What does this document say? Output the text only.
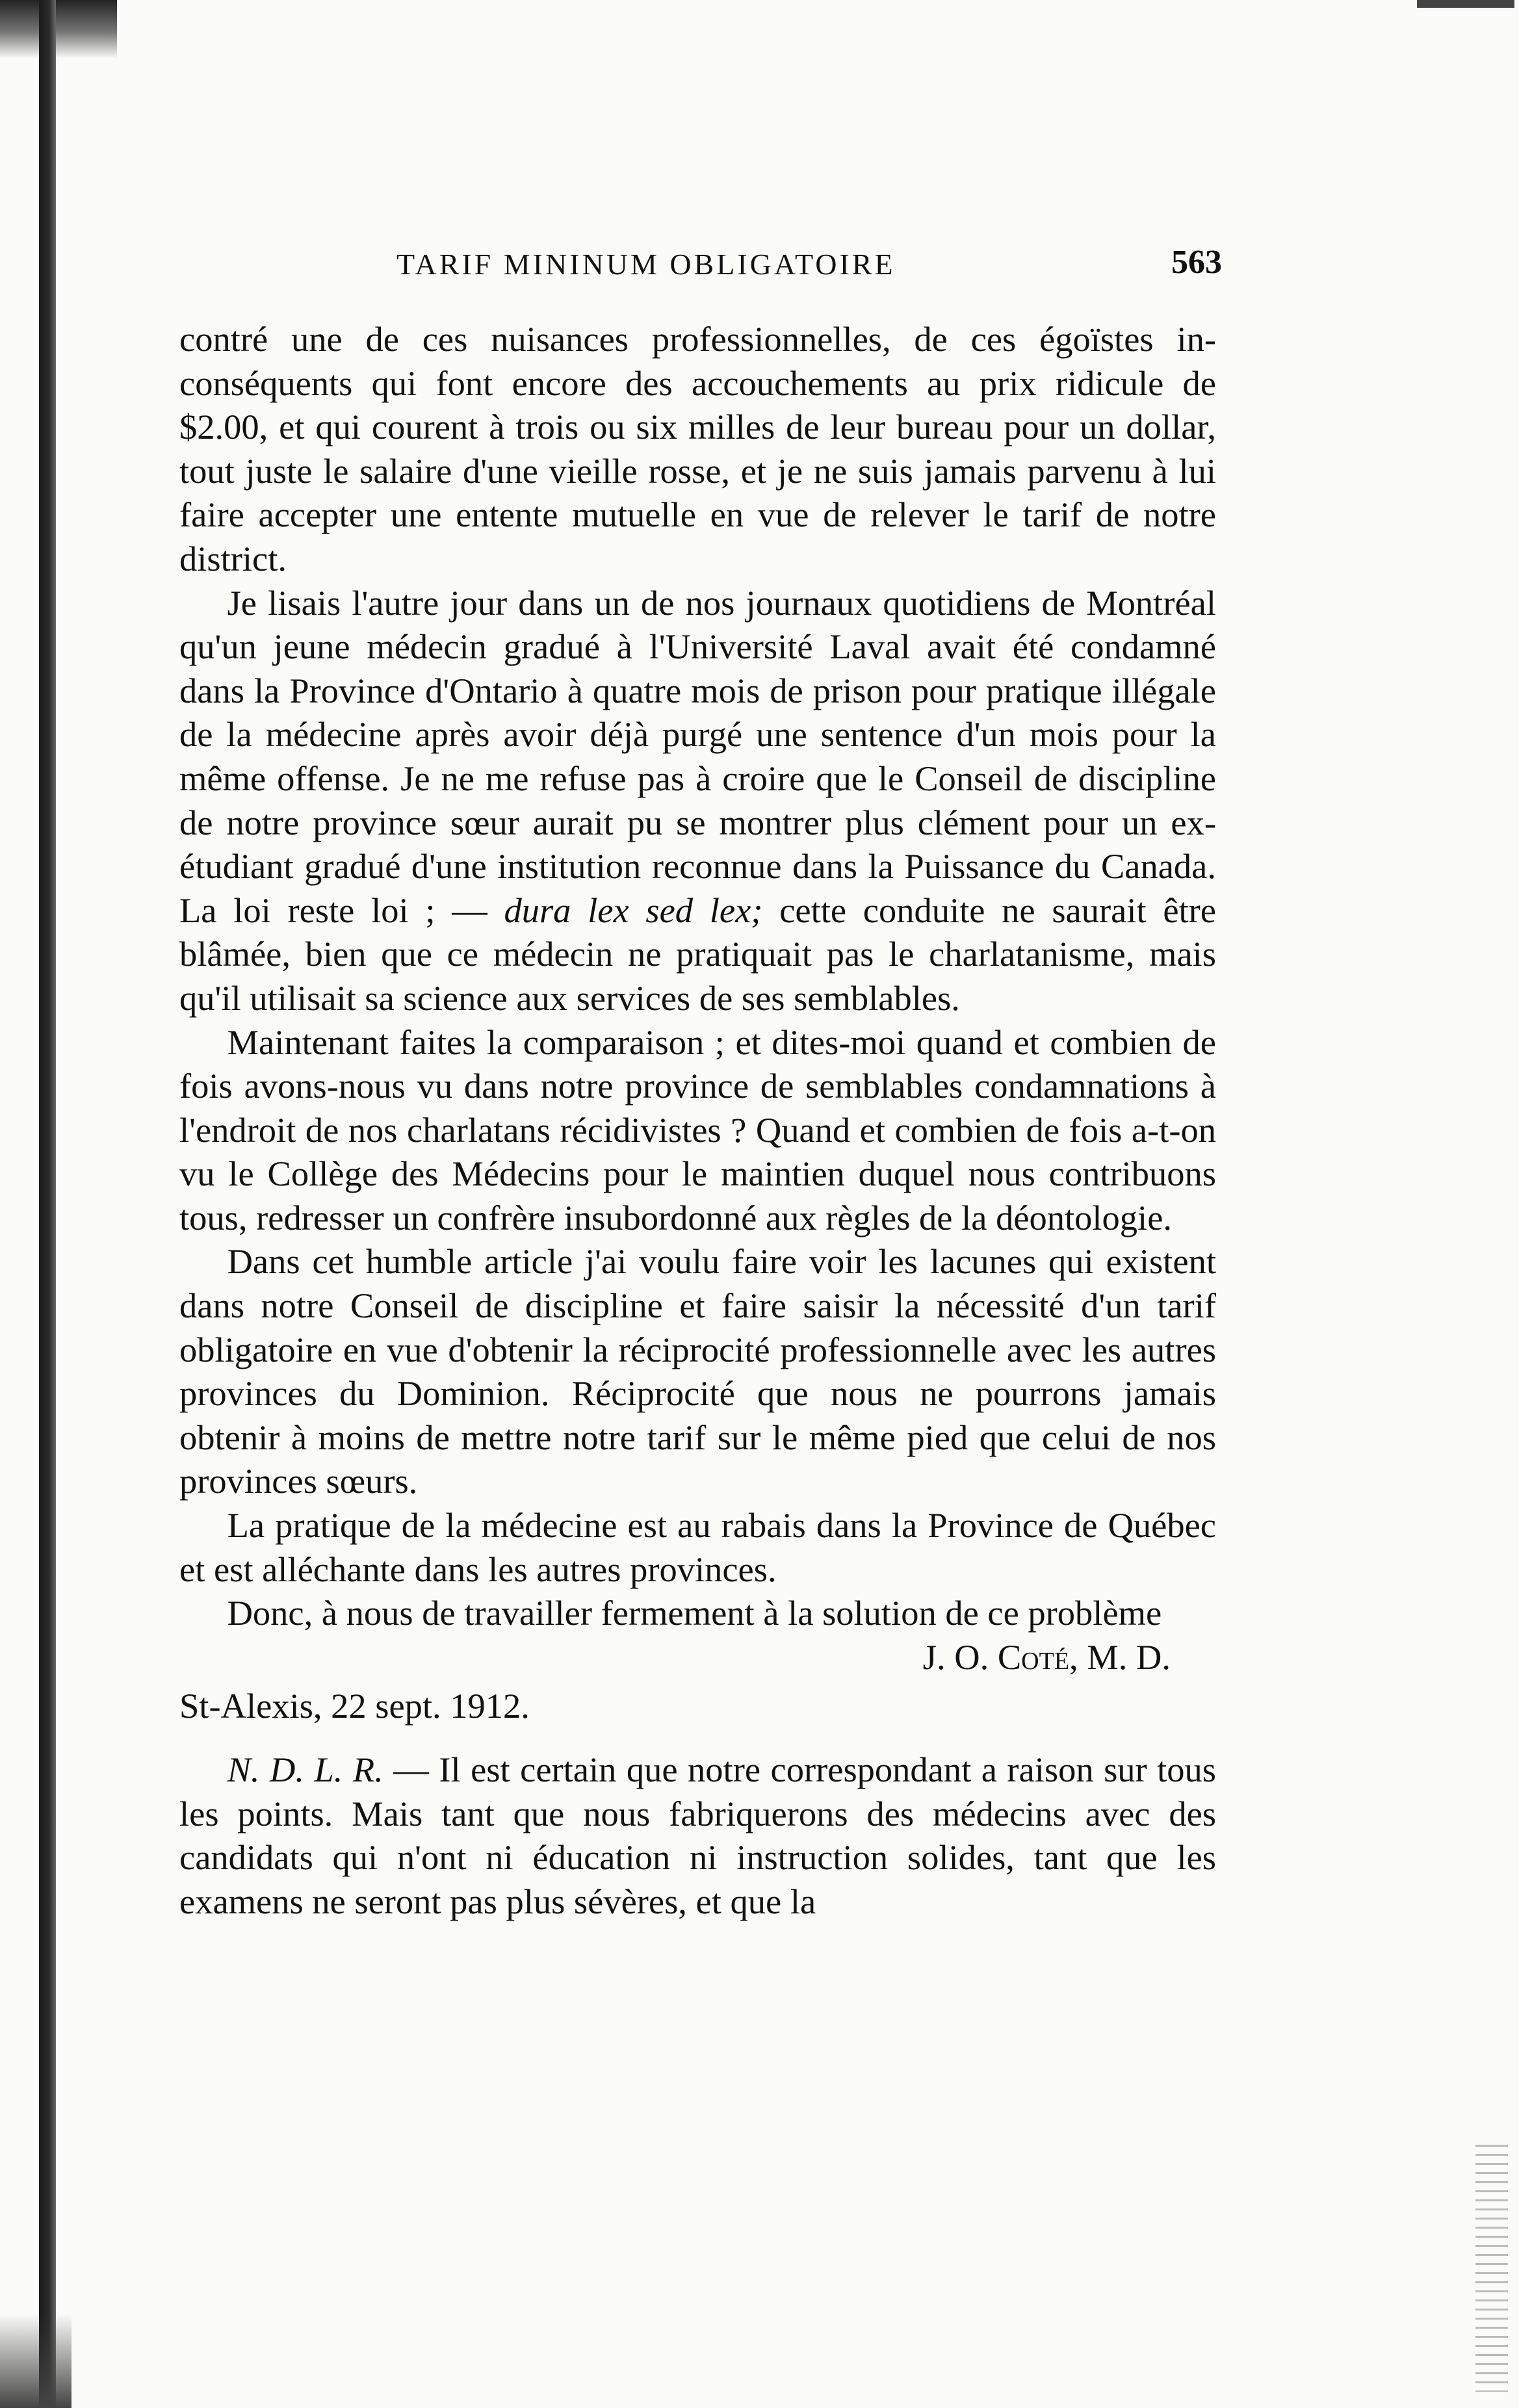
TARIF MININUM OBLIGATOIRE	563

contré une de ces nuisances professionnelles, de ces égoïstes in-conséquents qui font encore des accouchements au prix ridicule de $2.00, et qui courent à trois ou six milles de leur bureau pour un dollar, tout juste le salaire d'une vieille rosse, et je ne suis jamais parvenu à lui faire accepter une entente mutuelle en vue de relever le tarif de notre district.

Je lisais l'autre jour dans un de nos journaux quotidiens de Montréal qu'un jeune médecin gradué à l'Université Laval avait été condamné dans la Province d'Ontario à quatre mois de prison pour pratique illégale de la médecine après avoir déjà purgé une sentence d'un mois pour la même offense. Je ne me refuse pas à croire que le Conseil de discipline de notre province sœur aurait pu se montrer plus clément pour un ex-étudiant gradué d'une institution reconnue dans la Puissance du Canada. La loi reste loi ; — dura lex sed lex; cette conduite ne saurait être blâmée, bien que ce médecin ne pratiquait pas le charlatanisme, mais qu'il utilisait sa science aux services de ses semblables.

Maintenant faites la comparaison ; et dites-moi quand et combien de fois avons-nous vu dans notre province de semblables condamnations à l'endroit de nos charlatans récidivistes ? Quand et combien de fois a-t-on vu le Collège des Médecins pour le maintien duquel nous contribuons tous, redresser un confrère insubordonné aux règles de la déontologie.

Dans cet humble article j'ai voulu faire voir les lacunes qui existent dans notre Conseil de discipline et faire saisir la nécessité d'un tarif obligatoire en vue d'obtenir la réciprocité professionnelle avec les autres provinces du Dominion. Réciprocité que nous ne pourrons jamais obtenir à moins de mettre notre tarif sur le même pied que celui de nos provinces sœurs.

La pratique de la médecine est au rabais dans la Province de Québec et est alléchante dans les autres provinces.

Donc, à nous de travailler fermement à la solution de ce problème

J. O. Coté, M. D.

St-Alexis, 22 sept. 1912.

N. D. L. R. — Il est certain que notre correspondant a raison sur tous les points. Mais tant que nous fabriquerons des médecins avec des candidats qui n'ont ni éducation ni instruction solides, tant que les examens ne seront pas plus sévères, et que la
